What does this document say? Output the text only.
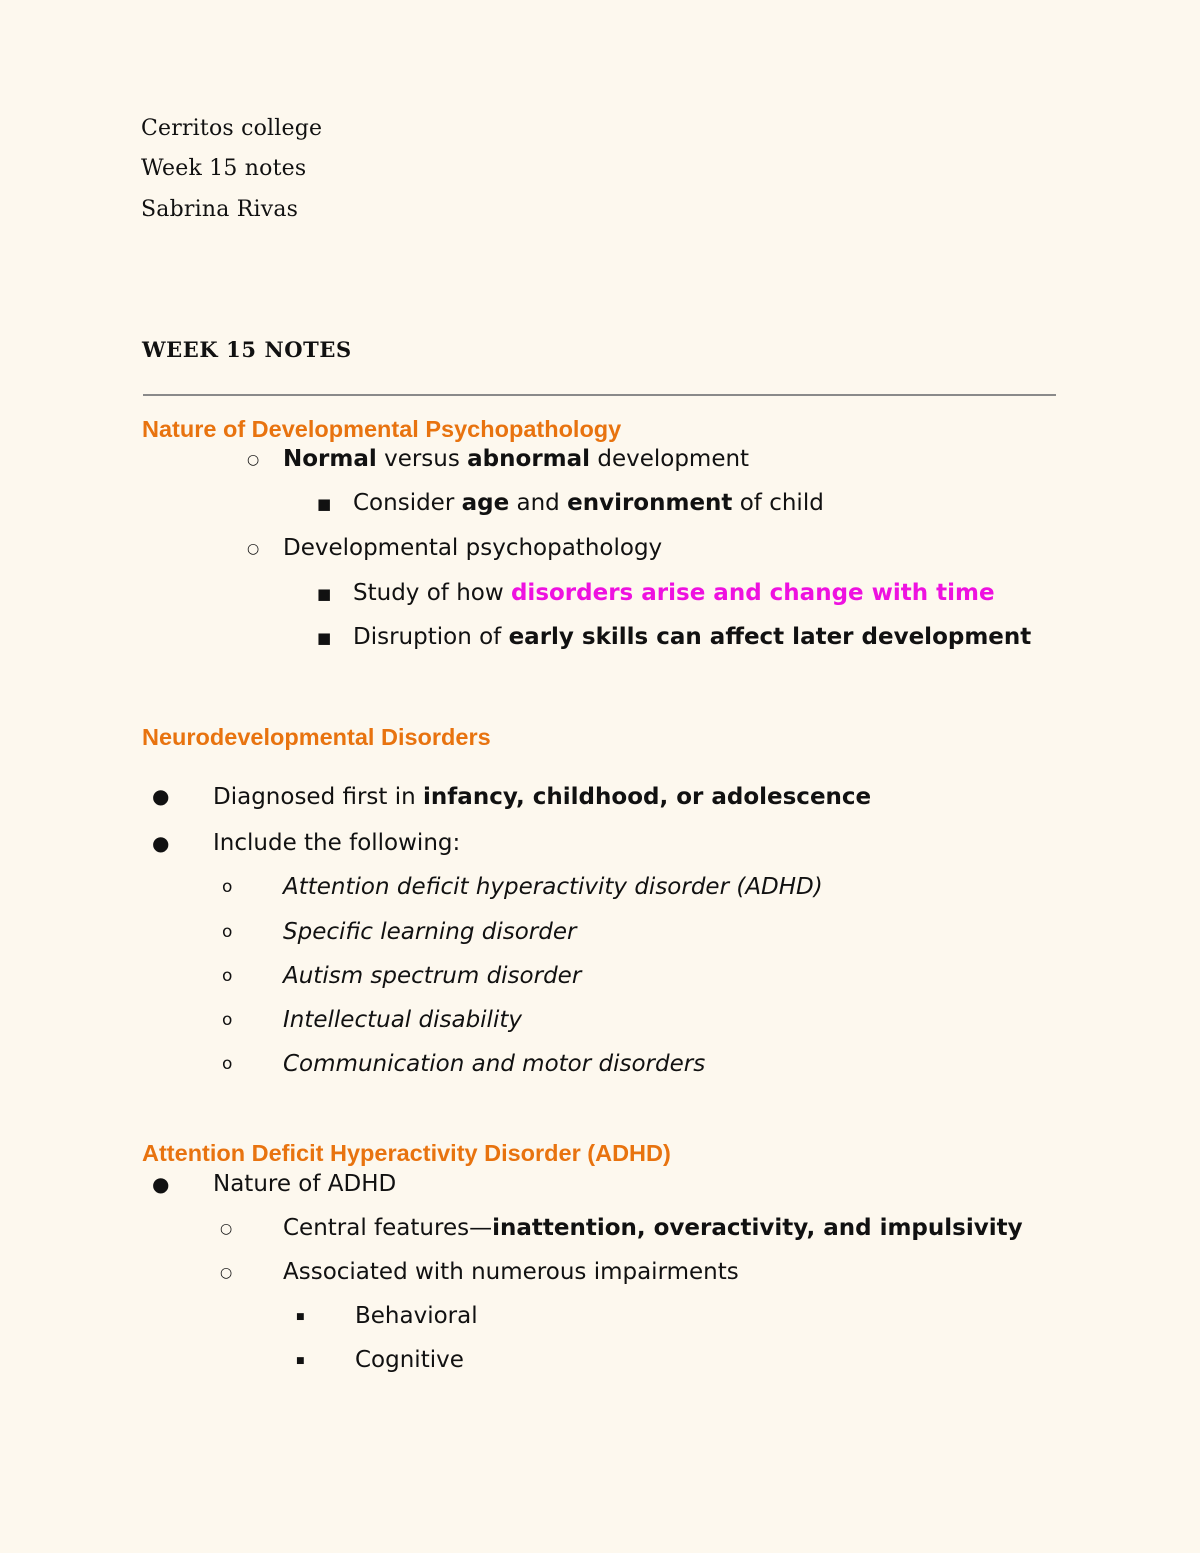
Cerritos college
Week 15 notes
Sabrina Rivas
WEEK 15 NOTES
Nature of Developmental Psychopathology
○ Normal versus abnormal development
■ Consider age and environment of child
○ Developmental psychopathology
■ Study of how disorders arise and change with time
■ Disruption of early skills can affect later development
Neurodevelopmental Disorders
● Diagnosed first in infancy, childhood, or adolescence
● Include the following:
o Attention deficit hyperactivity disorder (ADHD)
o Specific learning disorder
o Autism spectrum disorder
o Intellectual disability
o Communication and motor disorders
Attention Deficit Hyperactivity Disorder (ADHD)
● Nature of ADHD
○ Central features—inattention, overactivity, and impulsivity
○ Associated with numerous impairments
■ Behavioral
■ Cognitive
